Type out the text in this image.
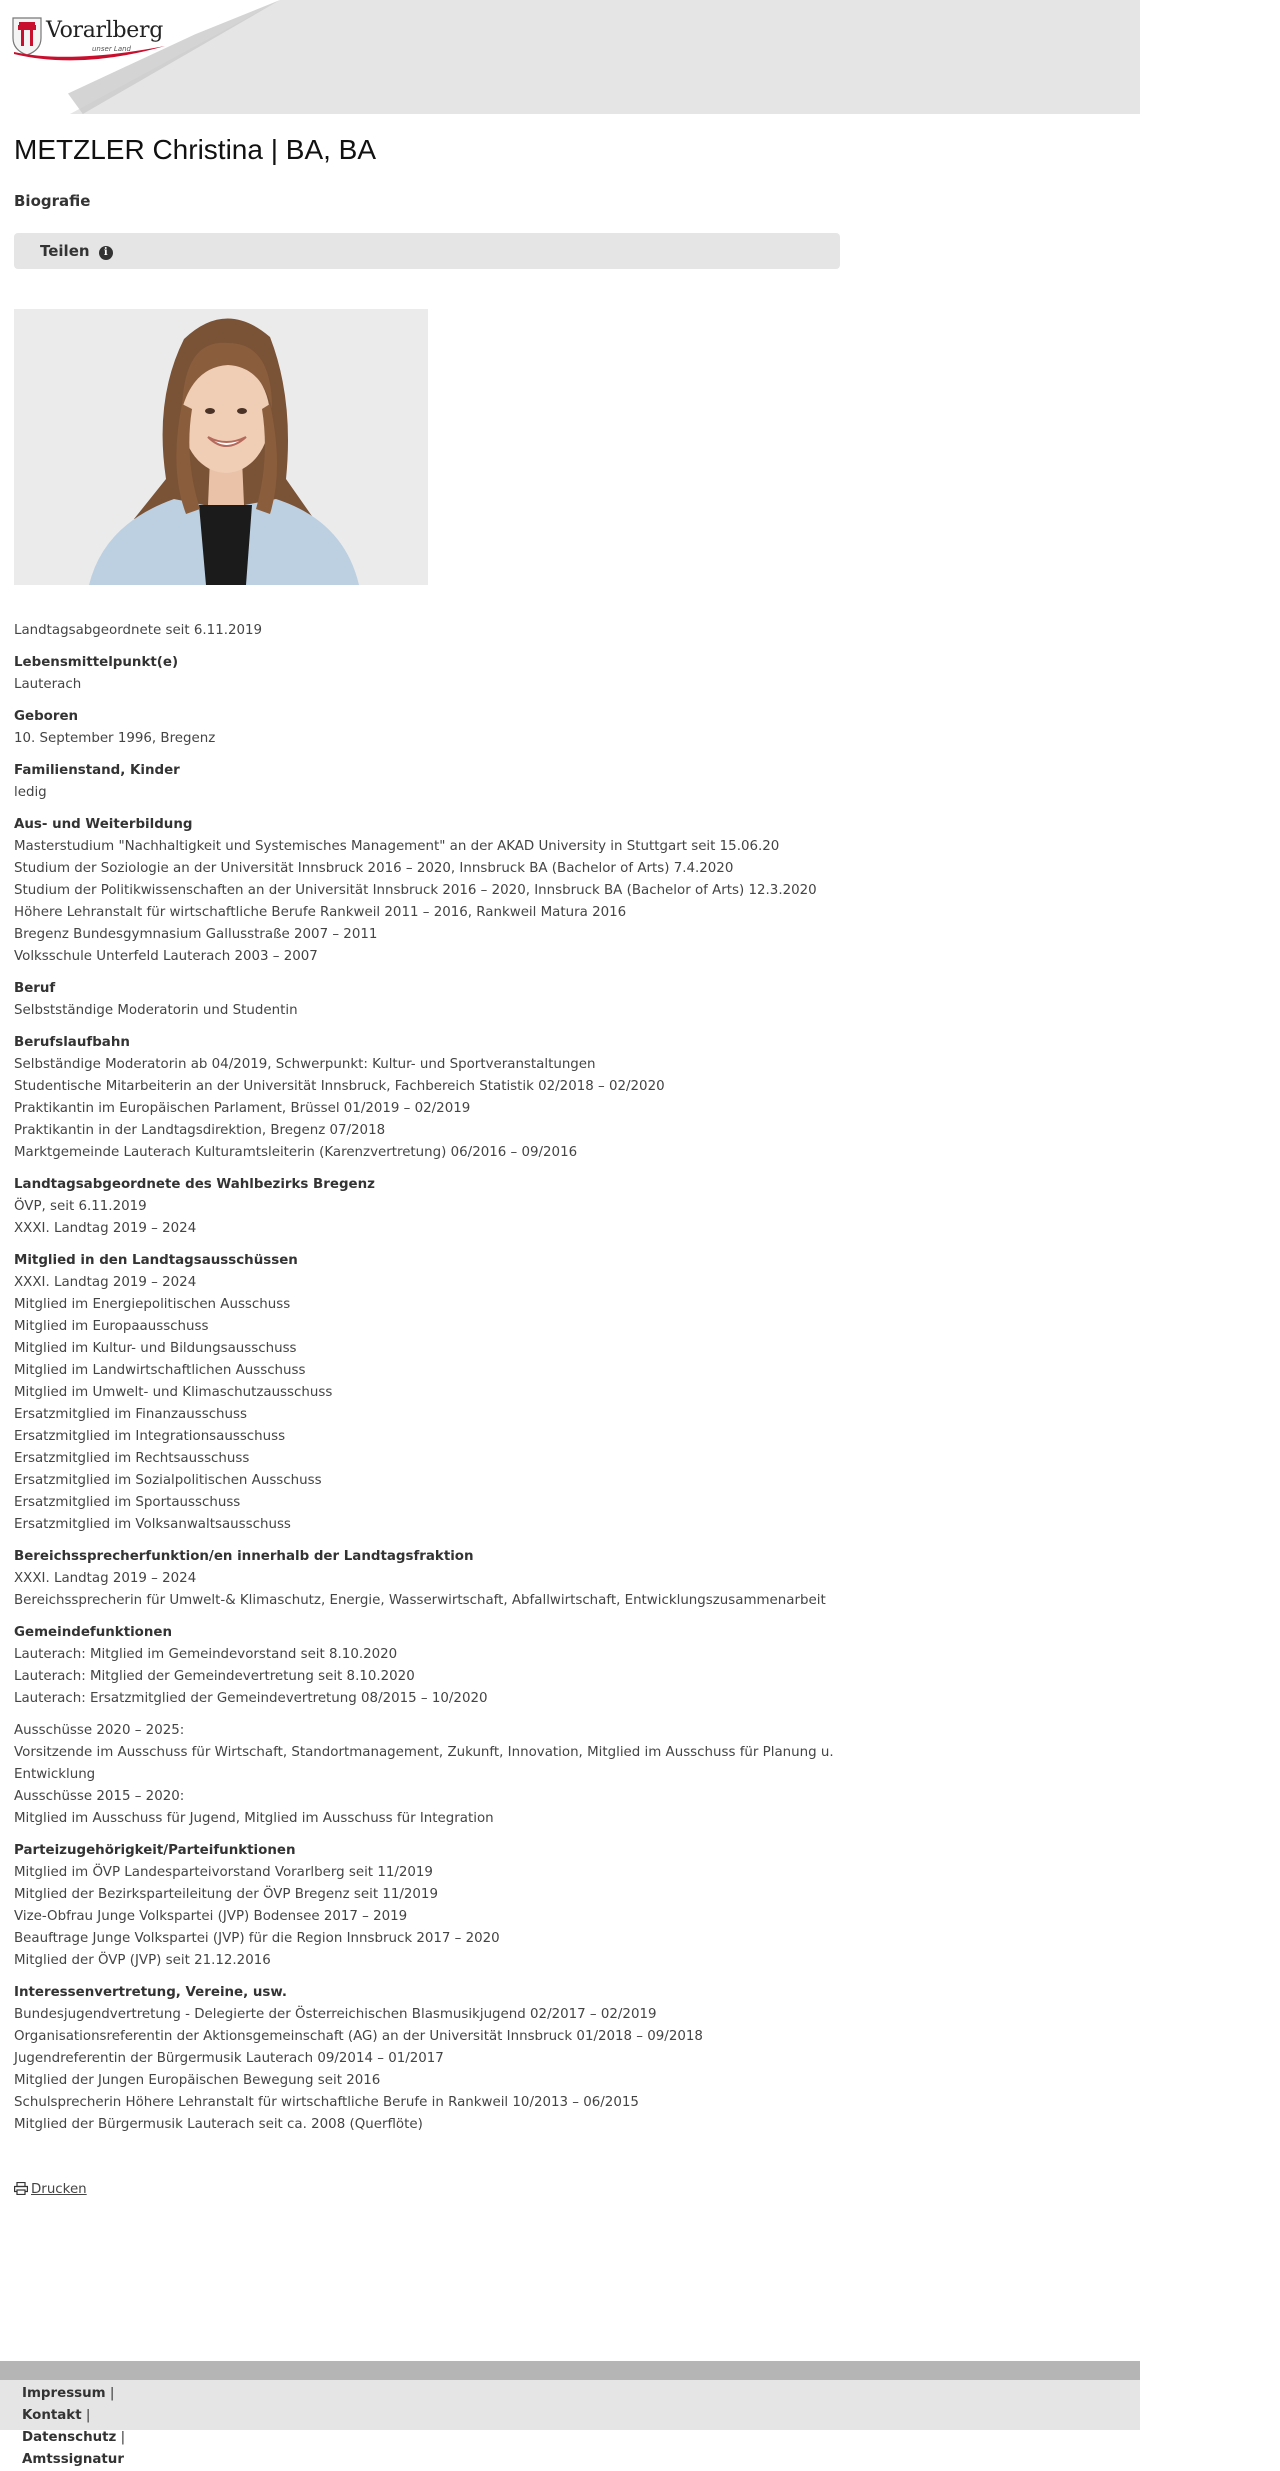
Vorarlberg
unser Land
METZLER Christina | BA, BA
Biografie
Teilen i
Landtagsabgeordnete seit 6.11.2019
Lebensmittelpunkt(e)
Lauterach
Geboren
10. September 1996, Bregenz
Familienstand, Kinder
ledig
Aus- und Weiterbildung
Masterstudium "Nachhaltigkeit und Systemisches Management" an der AKAD University in Stuttgart seit 15.06.20
Studium der Soziologie an der Universität Innsbruck 2016 – 2020, Innsbruck BA (Bachelor of Arts) 7.4.2020
Studium der Politikwissenschaften an der Universität Innsbruck 2016 – 2020, Innsbruck BA (Bachelor of Arts) 12.3.2020
Höhere Lehranstalt für wirtschaftliche Berufe Rankweil 2011 – 2016, Rankweil Matura 2016
Bregenz Bundesgymnasium Gallusstraße 2007 – 2011
Volksschule Unterfeld Lauterach 2003 – 2007
Beruf
Selbstständige Moderatorin und Studentin
Berufslaufbahn
Selbständige Moderatorin ab 04/2019, Schwerpunkt: Kultur- und Sportveranstaltungen
Studentische Mitarbeiterin an der Universität Innsbruck, Fachbereich Statistik 02/2018 – 02/2020
Praktikantin im Europäischen Parlament, Brüssel 01/2019 – 02/2019
Praktikantin in der Landtagsdirektion, Bregenz 07/2018
Marktgemeinde Lauterach Kulturamtsleiterin (Karenzvertretung) 06/2016 – 09/2016
Landtagsabgeordnete des Wahlbezirks Bregenz
ÖVP, seit 6.11.2019
XXXI. Landtag 2019 – 2024
Mitglied in den Landtagsausschüssen
XXXI. Landtag 2019 – 2024
Mitglied im Energiepolitischen Ausschuss
Mitglied im Europaausschuss
Mitglied im Kultur- und Bildungsausschuss
Mitglied im Landwirtschaftlichen Ausschuss
Mitglied im Umwelt- und Klimaschutzausschuss
Ersatzmitglied im Finanzausschuss
Ersatzmitglied im Integrationsausschuss
Ersatzmitglied im Rechtsausschuss
Ersatzmitglied im Sozialpolitischen Ausschuss
Ersatzmitglied im Sportausschuss
Ersatzmitglied im Volksanwaltsausschuss
Bereichssprecherfunktion/en innerhalb der Landtagsfraktion
XXXI. Landtag 2019 – 2024
Bereichssprecherin für Umwelt-& Klimaschutz, Energie, Wasserwirtschaft, Abfallwirtschaft, Entwicklungszusammenarbeit
Gemeindefunktionen
Lauterach: Mitglied im Gemeindevorstand seit 8.10.2020
Lauterach: Mitglied der Gemeindevertretung seit 8.10.2020
Lauterach: Ersatzmitglied der Gemeindevertretung 08/2015 – 10/2020
Ausschüsse 2020 – 2025:
Vorsitzende im Ausschuss für Wirtschaft, Standortmanagement, Zukunft, Innovation, Mitglied im Ausschuss für Planung u.
Entwicklung
Ausschüsse 2015 – 2020:
Mitglied im Ausschuss für Jugend, Mitglied im Ausschuss für Integration
Parteizugehörigkeit/Parteifunktionen
Mitglied im ÖVP Landesparteivorstand Vorarlberg seit 11/2019
Mitglied der Bezirksparteileitung der ÖVP Bregenz seit 11/2019
Vize-Obfrau Junge Volkspartei (JVP) Bodensee 2017 – 2019
Beauftrage Junge Volkspartei (JVP) für die Region Innsbruck 2017 – 2020
Mitglied der ÖVP (JVP) seit 21.12.2016
Interessenvertretung, Vereine, usw.
Bundesjugendvertretung - Delegierte der Österreichischen Blasmusikjugend 02/2017 – 02/2019
Organisationsreferentin der Aktionsgemeinschaft (AG) an der Universität Innsbruck 01/2018 – 09/2018
Jugendreferentin der Bürgermusik Lauterach 09/2014 – 01/2017
Mitglied der Jungen Europäischen Bewegung seit 2016
Schulsprecherin Höhere Lehranstalt für wirtschaftliche Berufe in Rankweil 10/2013 – 06/2015
Mitglied der Bürgermusik Lauterach seit ca. 2008 (Querflöte)
Drucken
Impressum |
Kontakt |
Datenschutz |
Amtssignatur
